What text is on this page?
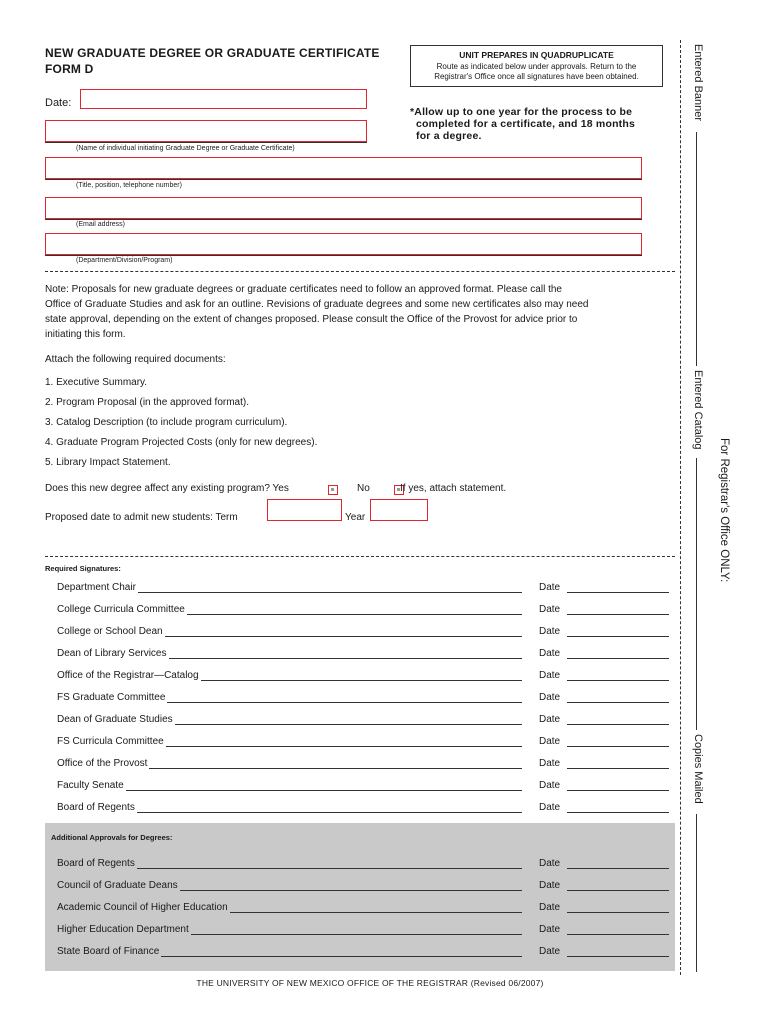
NEW GRADUATE DEGREE OR GRADUATE CERTIFICATE
FORM D
UNIT PREPARES IN QUADRUPLICATE
Route as indicated below under approvals. Return to the
Registrar's Office once all signatures have been obtained.
*Allow up to one year for the process to be
completed for a certificate, and 18 months
for a degree.
Date:
(Name of individual initiating Graduate Degree or Graduate Certificate)
(Title, position, telephone number)
(Email address)
(Department/Division/Program)
Note: Proposals for new graduate degrees or graduate certificates need to follow an approved format. Please call the
Office of Graduate Studies and ask for an outline. Revisions of graduate degrees and some new certificates also may need
state approval, depending on the extent of changes proposed. Please consult the Office of the Provost for advice prior to
initiating this form.
Attach the following required documents:
1. Executive Summary.
2. Program Proposal (in the approved format).
3. Catalog Description (to include program curriculum).
4. Graduate Program Projected Costs (only for new degrees).
5. Library Impact Statement.
Does this new degree affect any existing program? Yes
	No	If yes, attach statement.
Proposed date to admit new students: Term	Year
Required Signatures:
Department Chair	Date
College Curricula Committee	Date
College or School Dean	Date
Dean of Library Services	Date
Office of the Registrar—Catalog	Date
FS Graduate Committee	Date
Dean of Graduate Studies	Date
FS Curricula Committee	Date
Office of the Provost	Date
Faculty Senate	Date
Board of Regents	Date
Additional Approvals for Degrees:
Board of Regents	Date
Council of Graduate Deans	Date
Academic Council of Higher Education	Date
Higher Education Department	Date
State Board of Finance	Date
THE UNIVERSITY OF NEW MEXICO OFFICE OF THE REGISTRAR (Revised 06/2007)
Entered Banner
Entered Catalog
Copies Mailed
For Registrar's Office ONLY:
